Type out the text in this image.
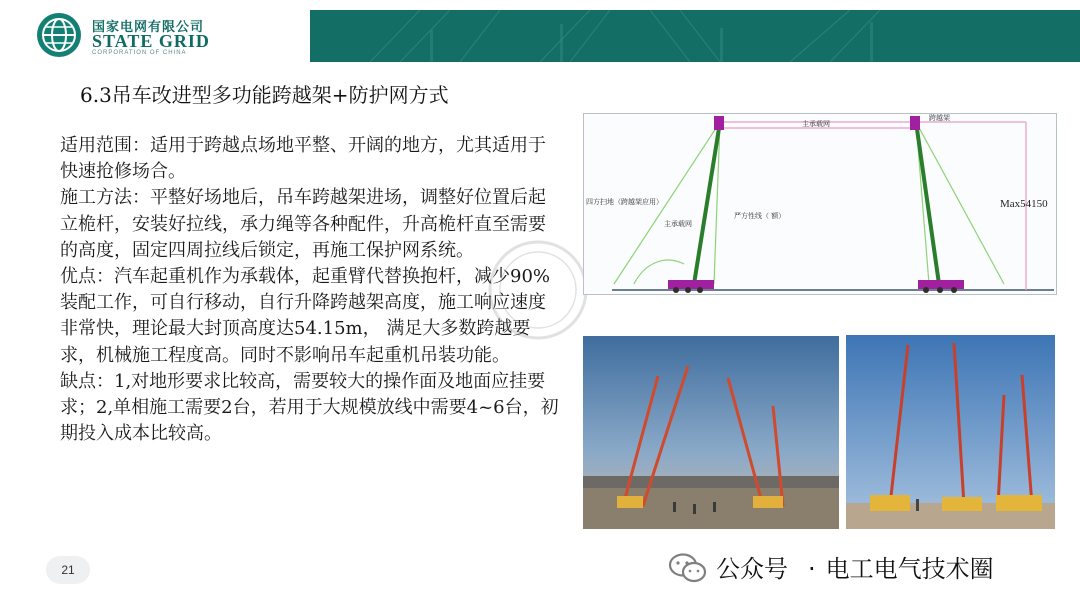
国家电网有限公司
STATE GRID
CORPORATION OF CHINA
6.3吊车改进型多功能跨越架+防护网方式

适用范围：适用于跨越点场地平整、开阔的地方，尤其适用于快速抢修场合。

施工方法：平整好场地后，吊车跨越架进场，调整好位置后起立桅杆，安装好拉线，承力绳等各种配件，升高桅杆直至需要的高度，固定四周拉线后锁定，再施工保护网系统。

优点：汽车起重机作为承载体，起重臂代替换抱杆，减少90%装配工作，可自行移动，自行升降跨越架高度，施工响应速度非常快，理论最大封顶高度达54.15m， 满足大多数跨越要求，机械施工程度高。同时不影响吊车起重机吊装功能。

缺点：1,对地形要求比较高，需要较大的操作面及地面应挂要求；2,单相施工需要2台，若用于大规模放线中需要4~6台，初期投入成本比较高。

主承载网
跨越架
四方扫地（跨越架应用）
主承载网
严方性线（ 额）
Max54150
21	公众号 · 电工电气技术圈
